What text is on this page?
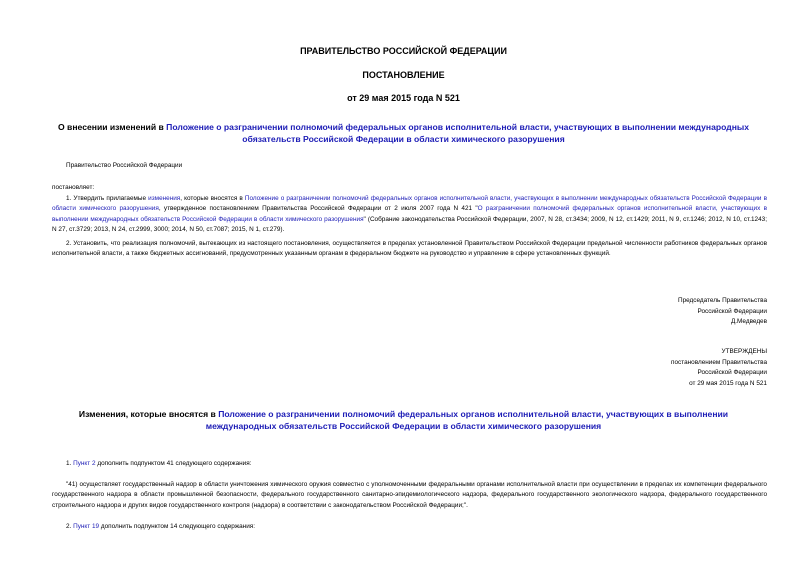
ПРАВИТЕЛЬСТВО РОССИЙСКОЙ ФЕДЕРАЦИИ
ПОСТАНОВЛЕНИЕ
от 29 мая 2015 года N 521
О внесении изменений в Положение о разграничении полномочий федеральных органов исполнительной власти, участвующих в выполнении международных
обязательств Российской Федерации в области химического разорушения
Правительство Российской Федерации
постановляет:
1. Утвердить прилагаемые изменения, которые вносятся в Положение о разграничении полномочий федеральных органов исполнительной власти, участвующих в выполнении международных обязательств Российской Федерации в области химического разорушения, утвержденное постановлением Правительства Российской Федерации от 2 июля 2007 года N 421 "О разграничении полномочий федеральных органов исполнительной власти, участвующих в выполнении международных обязательств Российской Федерации в области химического разорушения" (Собрание законодательства Российской Федерации, 2007, N 28, ст.3434; 2009, N 12, ст.1429; 2011, N 9, ст.1246; 2012, N 10, ст.1243; N 27, ст.3729; 2013, N 24, ст.2999, 3000; 2014, N 50, ст.7087; 2015, N 1, ст.279).
2. Установить, что реализация полномочий, вытекающих из настоящего постановления, осуществляется в пределах установленной Правительством Российской Федерации предельной численности работников федеральных органов исполнительной власти, а также бюджетных ассигнований, предусмотренных указанным органам в федеральном бюджете на руководство и управление в сфере установленных функций.
Председатель Правительства
Российской Федерации
Д.Медведев
УТВЕРЖДЕНЫ
постановлением Правительства
Российской Федерации
от 29 мая 2015 года N 521
Изменения, которые вносятся в Положение о разграничении полномочий федеральных органов исполнительной власти, участвующих в выполнении
международных обязательств Российской Федерации в области химического разорушения
1. Пункт 2 дополнить подпунктом 41 следующего содержания:
"41) осуществляет государственный надзор в области уничтожения химического оружия совместно с уполномоченными федеральными органами исполнительной власти при осуществлении в пределах их компетенции федерального государственного надзора в области промышленной безопасности, федерального государственного санитарно-эпидемиологического надзора, федерального государственного экологического надзора, федерального государственного строительного надзора и других видов государственного контроля (надзора) в соответствии с законодательством Российской Федерации;".
2. Пункт 19 дополнить подпунктом 14 следующего содержания:
